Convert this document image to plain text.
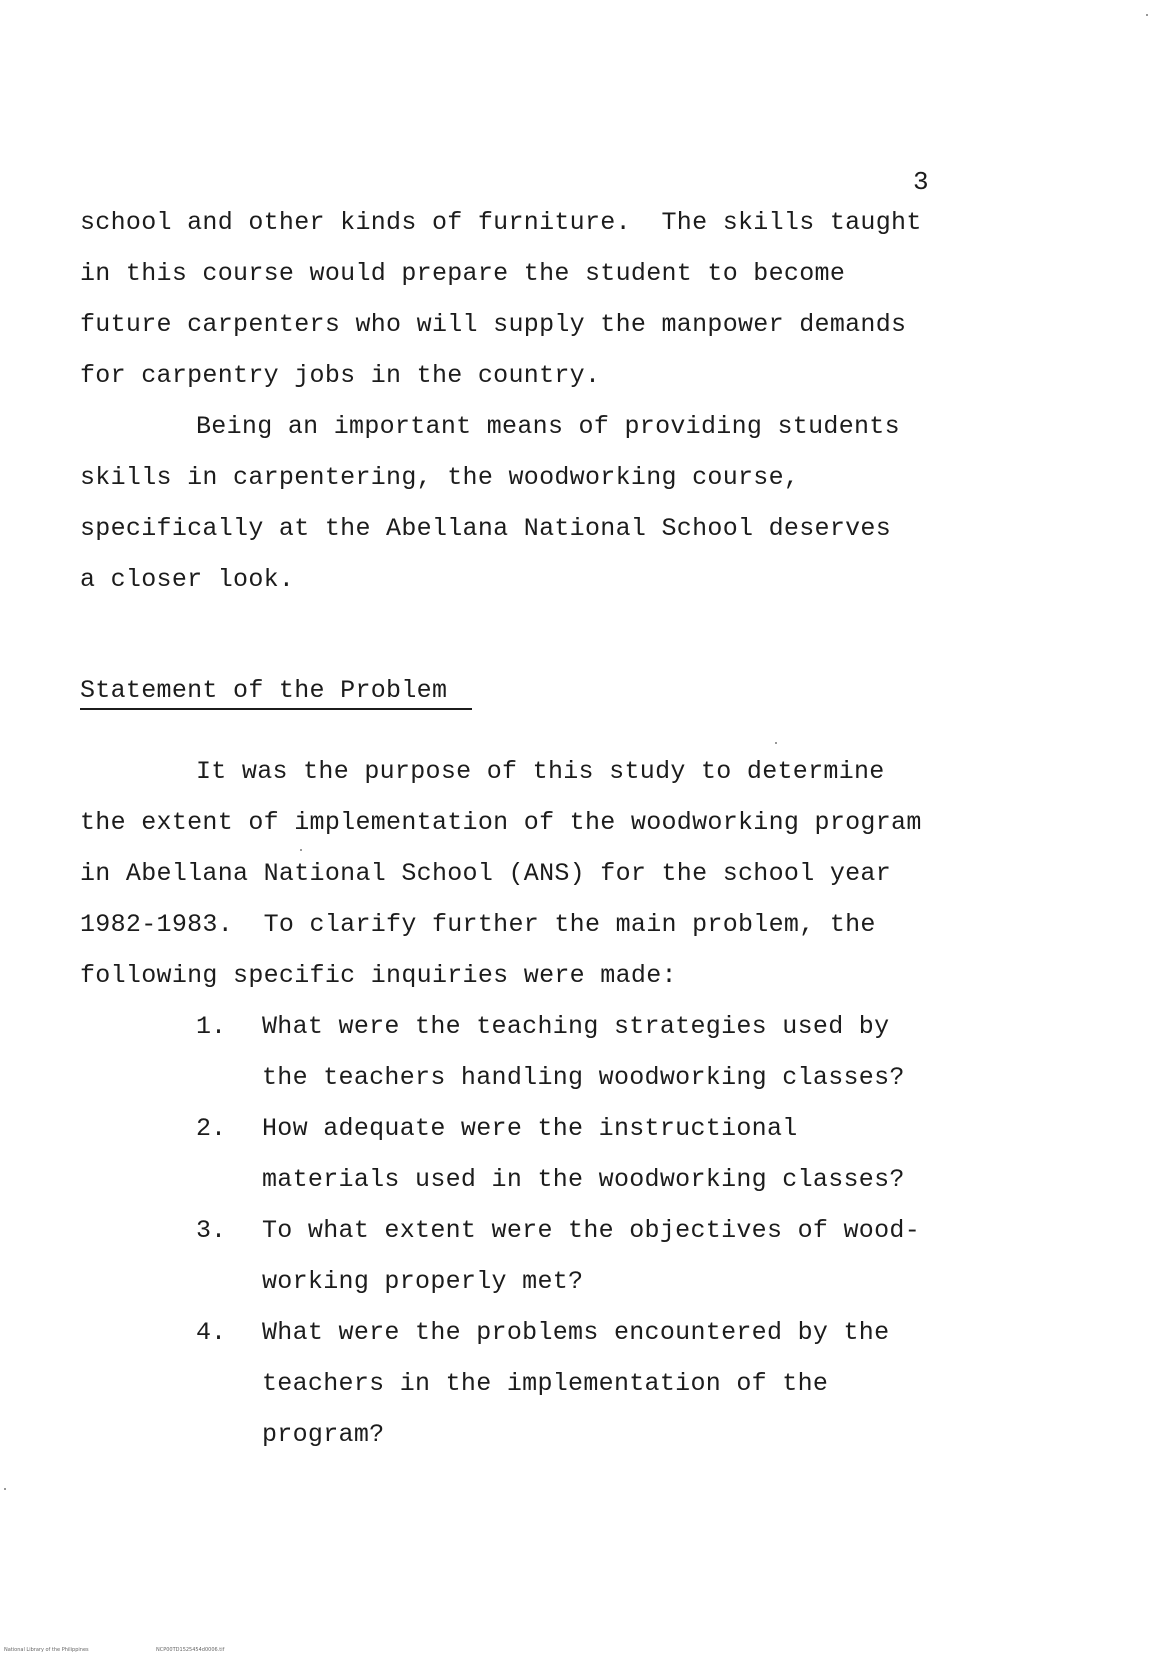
3
school and other kinds of furniture.  The skills taught
in this course would prepare the student to become
future carpenters who will supply the manpower demands
for carpentry jobs in the country.
Being an important means of providing students
skills in carpentering, the woodworking course,
specifically at the Abellana National School deserves
a closer look.
Statement of the Problem
It was the purpose of this study to determine
the extent of implementation of the woodworking program
in Abellana National School (ANS) for the school year
1982-1983.  To clarify further the main problem, the
following specific inquiries were made:
1. What were the teaching strategies used by
the teachers handling woodworking classes?
2. How adequate were the instructional
materials used in the woodworking classes?
3. To what extent were the objectives of wood-
working properly met?
4. What were the problems encountered by the
teachers in the implementation of the
program?
National Library of the Philippines	NCP00TD1525454d0006.tif
